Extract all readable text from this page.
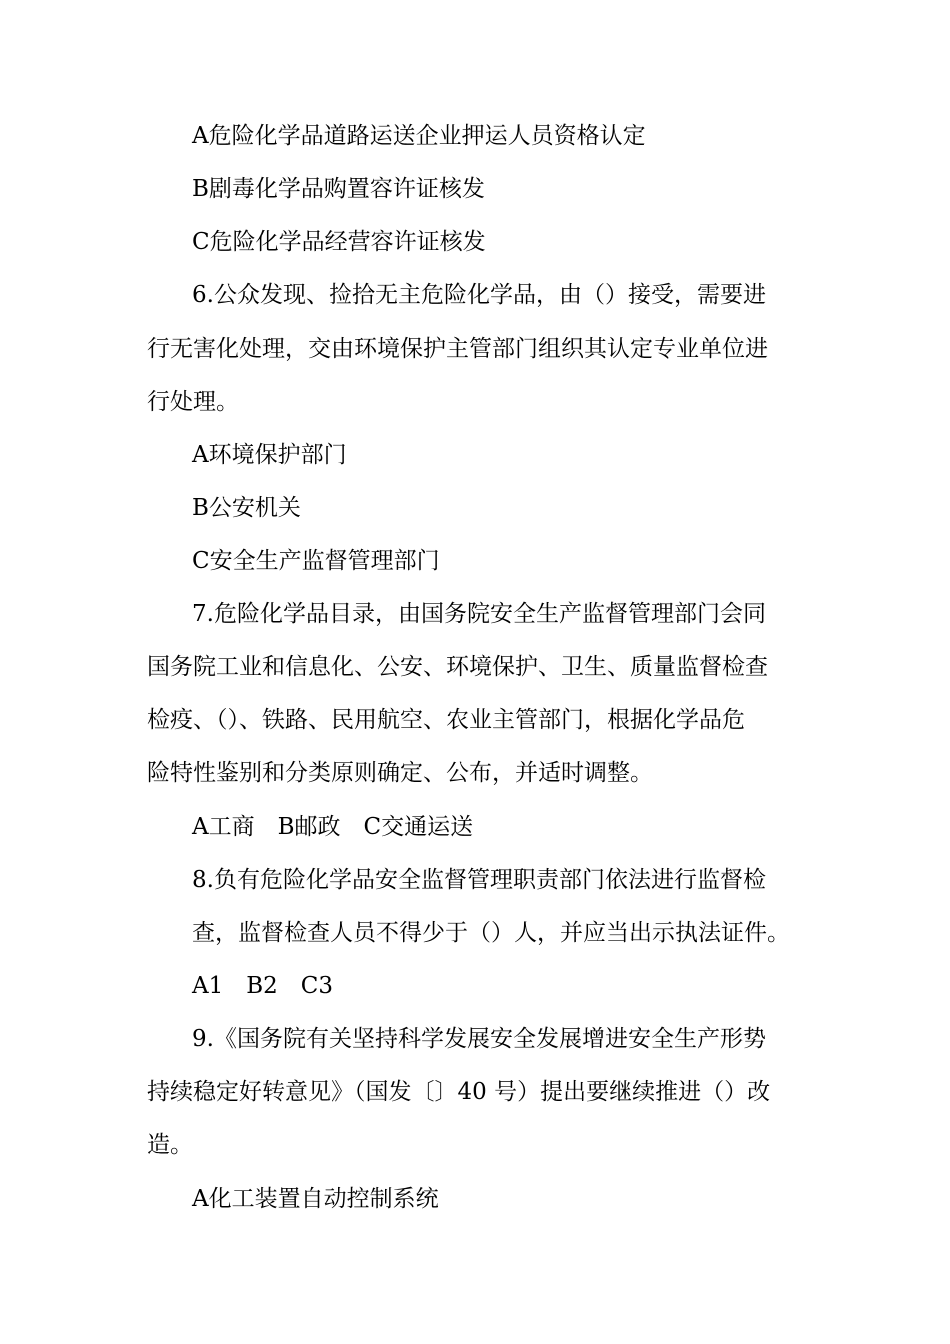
A危险化学品道路运送企业押运人员资格认定
B剧毒化学品购置容许证核发
C危险化学品经营容许证核发
6.公众发现、捡拾无主危险化学品，由（）接受，需要进
行无害化处理，交由环境保护主管部门组织其认定专业单位进
行处理。
A环境保护部门
B公安机关
C安全生产监督管理部门
7.危险化学品目录，由国务院安全生产监督管理部门会同
国务院工业和信息化、公安、环境保护、卫生、质量监督检查
检疫、（）、铁路、民用航空、农业主管部门，根据化学品危
险特性鉴别和分类原则确定、公布，并适时调整。
A工商　B邮政　C交通运送
8.负有危险化学品安全监督管理职责部门依法进行监督检
查，监督检查人员不得少于（）人，并应当出示执法证件。
A1　B2　C3
9.《国务院有关坚持科学发展安全发展增进安全生产形势
持续稳定好转意见》（国发〔〕40 号）提出要继续推进（）改
造。
A化工装置自动控制系统
